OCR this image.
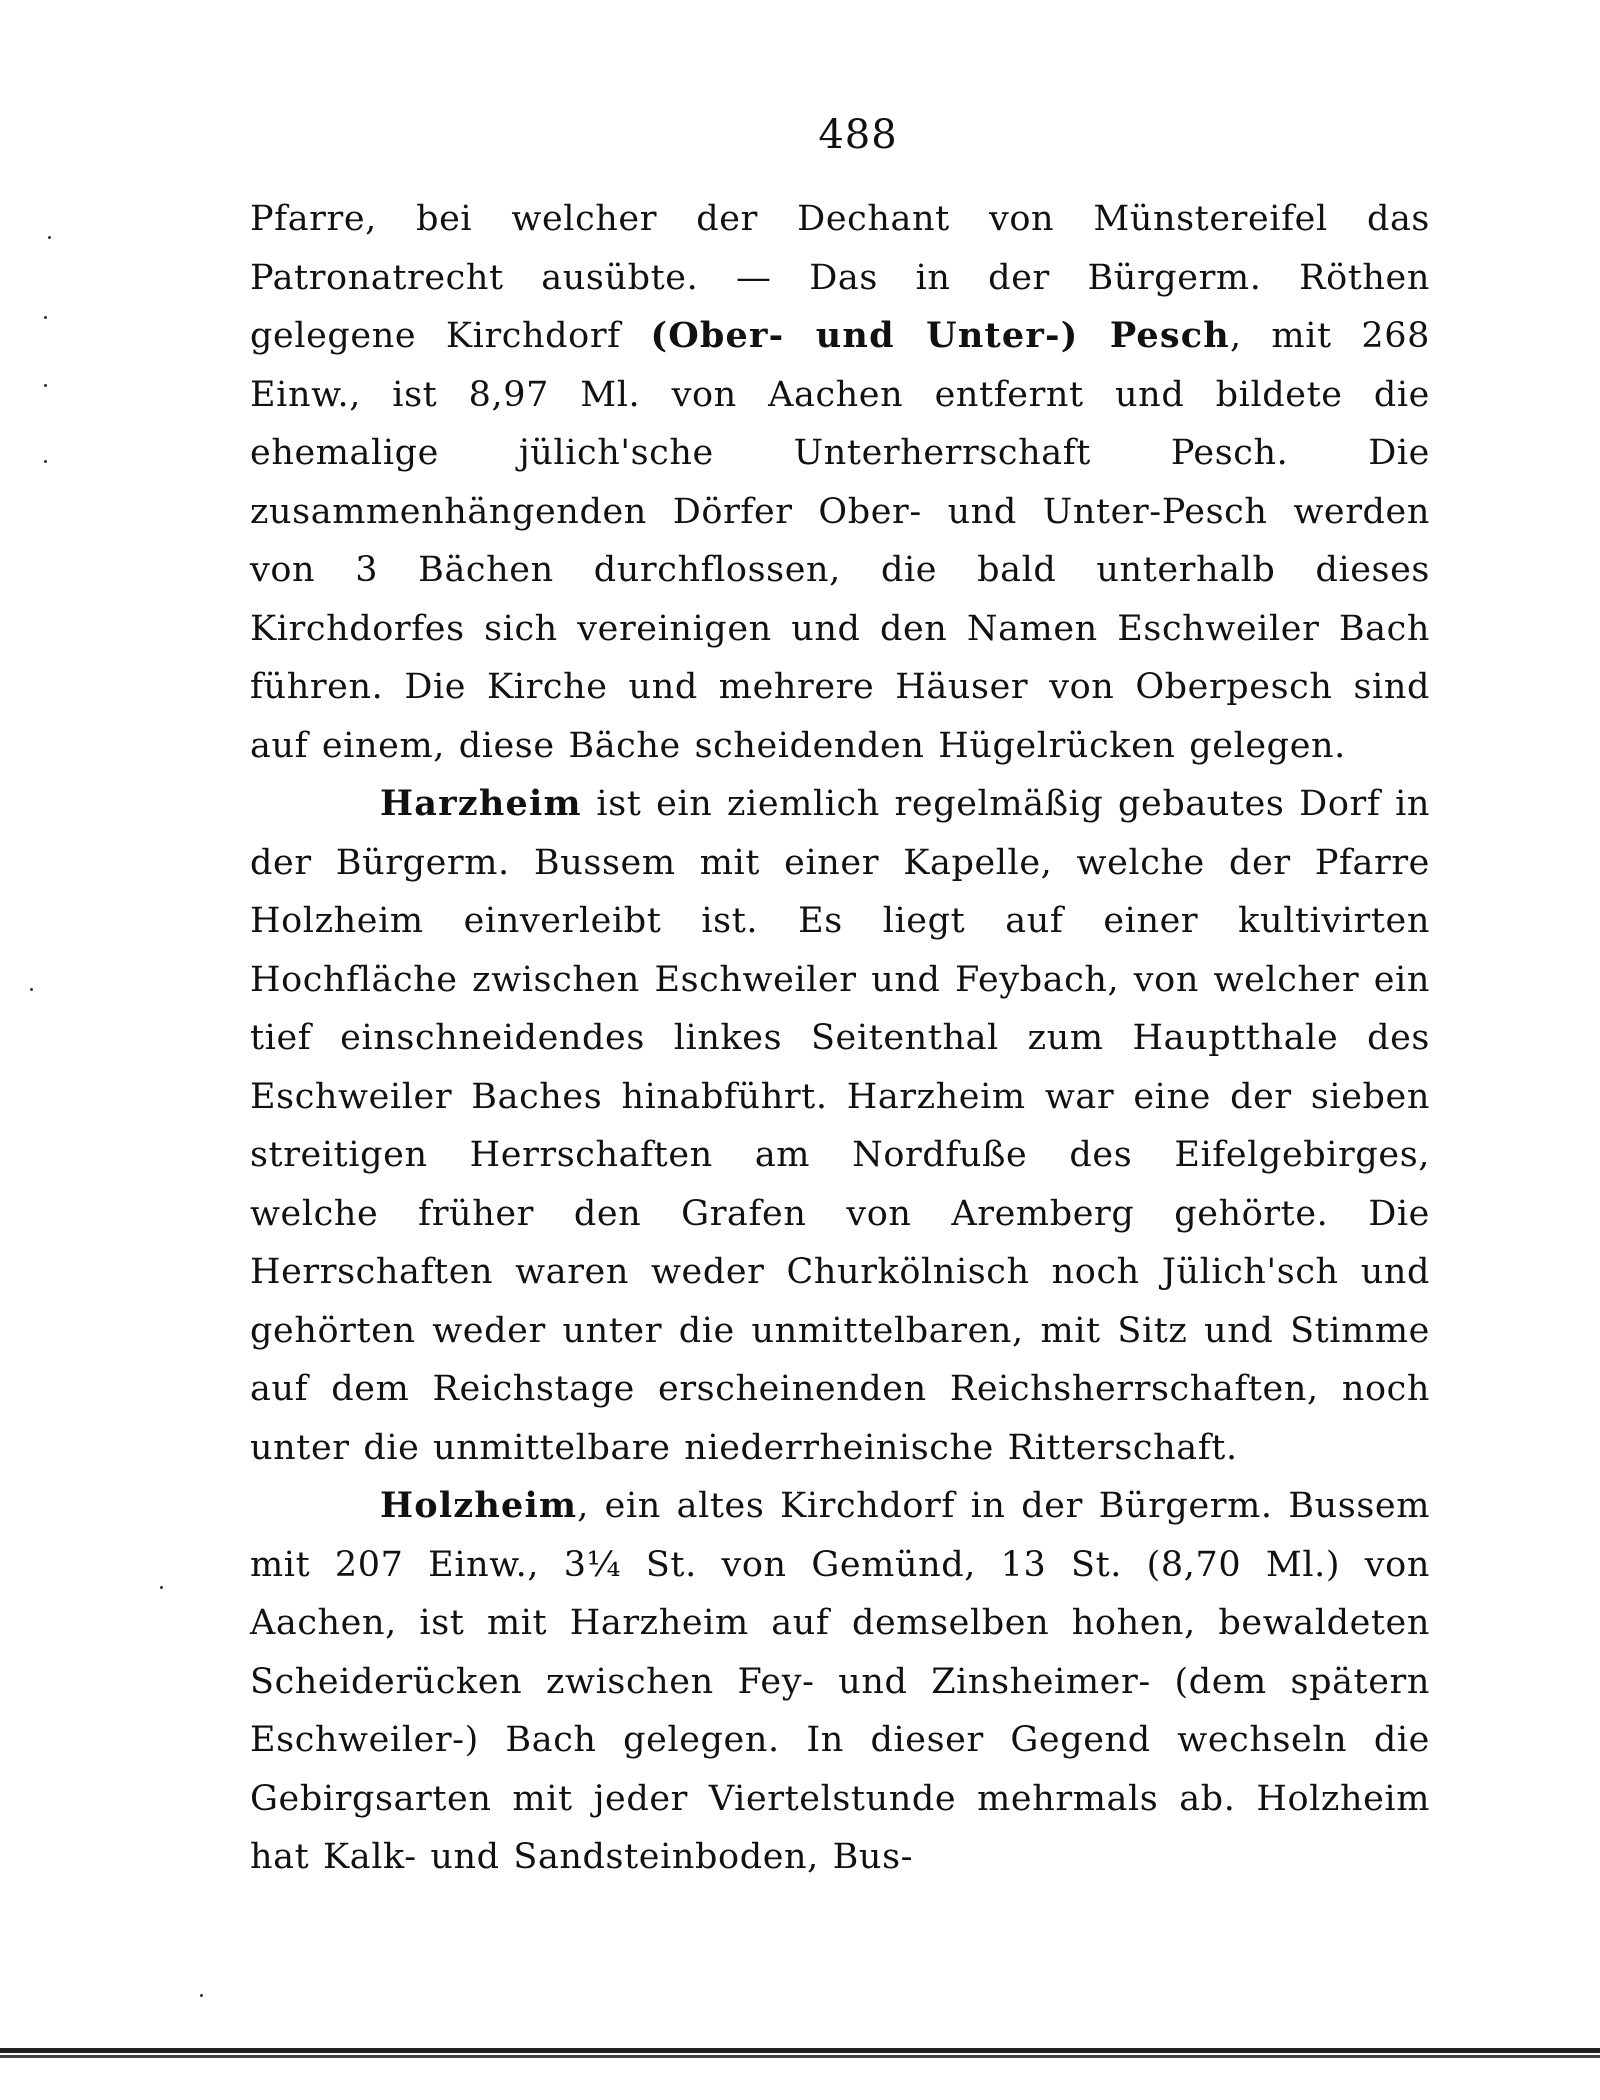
488

Pfarre, bei welcher der Dechant von Münstereifel das Patronatrecht ausübte. — Das in der Bürgerm. Röthen gelegene Kirchdorf (Ober- und Unter-) Pesch, mit 268 Einw., ist 8,97 Ml. von Aachen entfernt und bildete die ehemalige jülich'sche Unterherrschaft Pesch. Die zusammenhängenden Dörfer Ober- und Unter-Pesch werden von 3 Bächen durchflossen, die bald unterhalb dieses Kirchdorfes sich vereinigen und den Namen Eschweiler Bach führen. Die Kirche und mehrere Häuser von Oberpesch sind auf einem, diese Bäche scheidenden Hügelrücken gelegen.

Harzheim ist ein ziemlich regelmäßig gebautes Dorf in der Bürgerm. Bussem mit einer Kapelle, welche der Pfarre Holzheim einverleibt ist. Es liegt auf einer kultivirten Hochfläche zwischen Eschweiler und Feybach, von welcher ein tief einschneidendes linkes Seitenthal zum Hauptthale des Eschweiler Baches hinabführt. Harzheim war eine der sieben streitigen Herrschaften am Nordfuße des Eifelgebirges, welche früher den Grafen von Aremberg gehörte. Die Herrschaften waren weder Churkölnisch noch Jülich'sch und gehörten weder unter die unmittelbaren, mit Sitz und Stimme auf dem Reichstage erscheinenden Reichsherrschaften, noch unter die unmittelbare niederrheinische Ritterschaft.

Holzheim, ein altes Kirchdorf in der Bürgerm. Bussem mit 207 Einw., 3¼ St. von Gemünd, 13 St. (8,70 Ml.) von Aachen, ist mit Harzheim auf demselben hohen, bewaldeten Scheiderücken zwischen Fey- und Zinsheimer- (dem spätern Eschweiler-) Bach gelegen. In dieser Gegend wechseln die Gebirgsarten mit jeder Viertelstunde mehrmals ab. Holzheim hat Kalk- und Sandsteinboden, Bus-
